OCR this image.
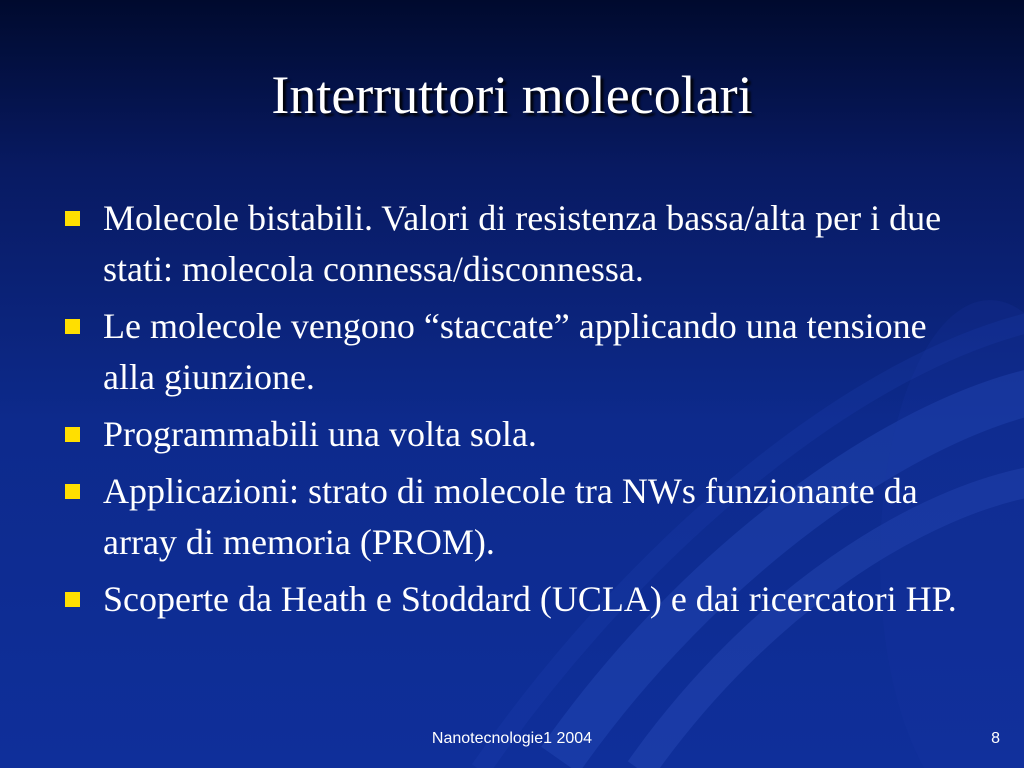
Interruttori molecolari
Molecole bistabili. Valori di resistenza bassa/alta per i due stati: molecola connessa/disconnessa.
Le molecole vengono “staccate” applicando una tensione alla giunzione.
Programmabili una volta sola.
Applicazioni: strato di molecole tra NWs funzionante da array di memoria (PROM).
Scoperte da Heath e Stoddard (UCLA) e dai ricercatori HP.
Nanotecnologie1 2004	8
